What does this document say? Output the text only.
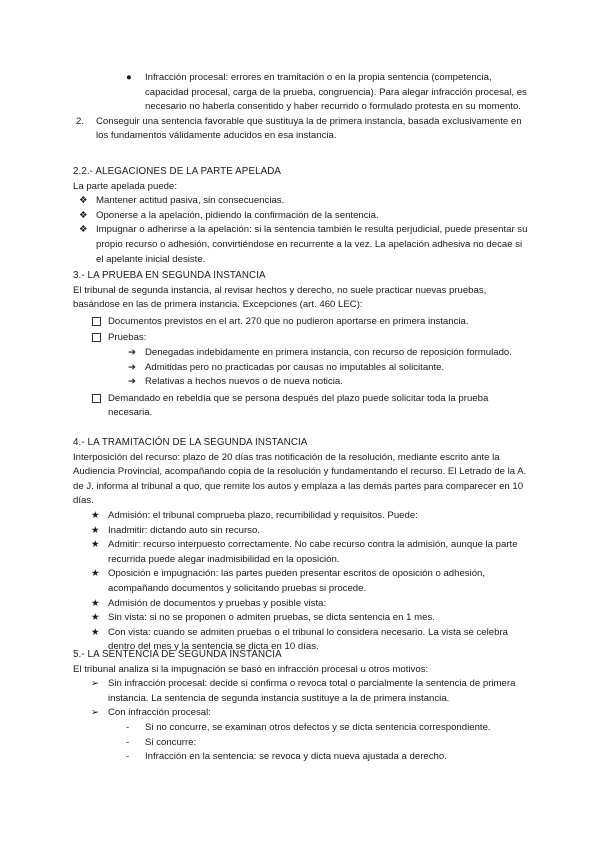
● Infracción procesal: errores en tramitación o en la propia sentencia (competencia, capacidad procesal, carga de la prueba, congruencia). Para alegar infracción procesal, es necesario no haberla consentido y haber recurrido o formulado protesta en su momento.
2. Conseguir una sentencia favorable que sustituya la de primera instancia, basada exclusivamente en los fundamentos válidamente aducidos en esa instancia.
2.2.- ALEGACIONES DE LA PARTE APELADA

La parte apelada puede:

❖ Mantener actitud pasiva, sin consecuencias.
❖ Oponerse a la apelación, pidiendo la confirmación de la sentencia.
❖ Impugnar o adherirse a la apelación: si la sentencia también le resulta perjudicial, puede presentar su propio recurso o adhesión, convirtiéndose en recurrente a la vez. La apelación adhesiva no decae si el apelante inicial desiste.
3.- LA PRUEBA EN SEGUNDA INSTANCIA

El tribunal de segunda instancia, al revisar hechos y derecho, no suele practicar nuevas pruebas, basándose en las de primera instancia. Excepciones (art. 460 LEC):

Documentos previstos en el art. 270 que no pudieron aportarse en primera instancia.
Pruebas:
➔ Denegadas indebidamente en primera instancia, con recurso de reposición formulado.
➔ Admitidas pero no practicadas por causas no imputables al solicitante.
➔ Relativas a hechos nuevos o de nueva noticia.
Demandado en rebeldía que se persona después del plazo puede solicitar toda la prueba necesaria.
4.- LA TRAMITACIÓN DE LA SEGUNDA INSTANCIA

Interposición del recurso: plazo de 20 días tras notificación de la resolución, mediante escrito ante la Audiencia Provincial, acompañando copia de la resolución y fundamentando el recurso. El Letrado de la A. de J. informa al tribunal a quo, que remite los autos y emplaza a las demás partes para comparecer en 10 días.

★ Admisión: el tribunal comprueba plazo, recurribilidad y requisitos. Puede:
★ Inadmitir: dictando auto sin recurso.
★ Admitir: recurso interpuesto correctamente. No cabe recurso contra la admisión, aunque la parte recurrida puede alegar inadmisibilidad en la oposición.
★ Oposición e impugnación: las partes pueden presentar escritos de oposición o adhesión, acompañando documentos y solicitando pruebas si procede.
★ Admisión de documentos y pruebas y posible vista:
★ Sin vista: si no se proponen o admiten pruebas, se dicta sentencia en 1 mes.
★ Con vista: cuando se admiten pruebas o el tribunal lo considera necesario. La vista se celebra dentro del mes y la sentencia se dicta en 10 días.
5.- LA SENTENCIA DE SEGUNDA INSTANCIA

El tribunal analiza si la impugnación se basó en infracción procesal u otros motivos:

➢ Sin infracción procesal: decide si confirma o revoca total o parcialmente la sentencia de primera instancia. La sentencia de segunda instancia sustituye a la de primera instancia.
➢ Con infracción procesal:
- Si no concurre, se examinan otros defectos y se dicta sentencia correspondiente.
- Si concurre:
- Infracción en la sentencia: se revoca y dicta nueva ajustada a derecho.
